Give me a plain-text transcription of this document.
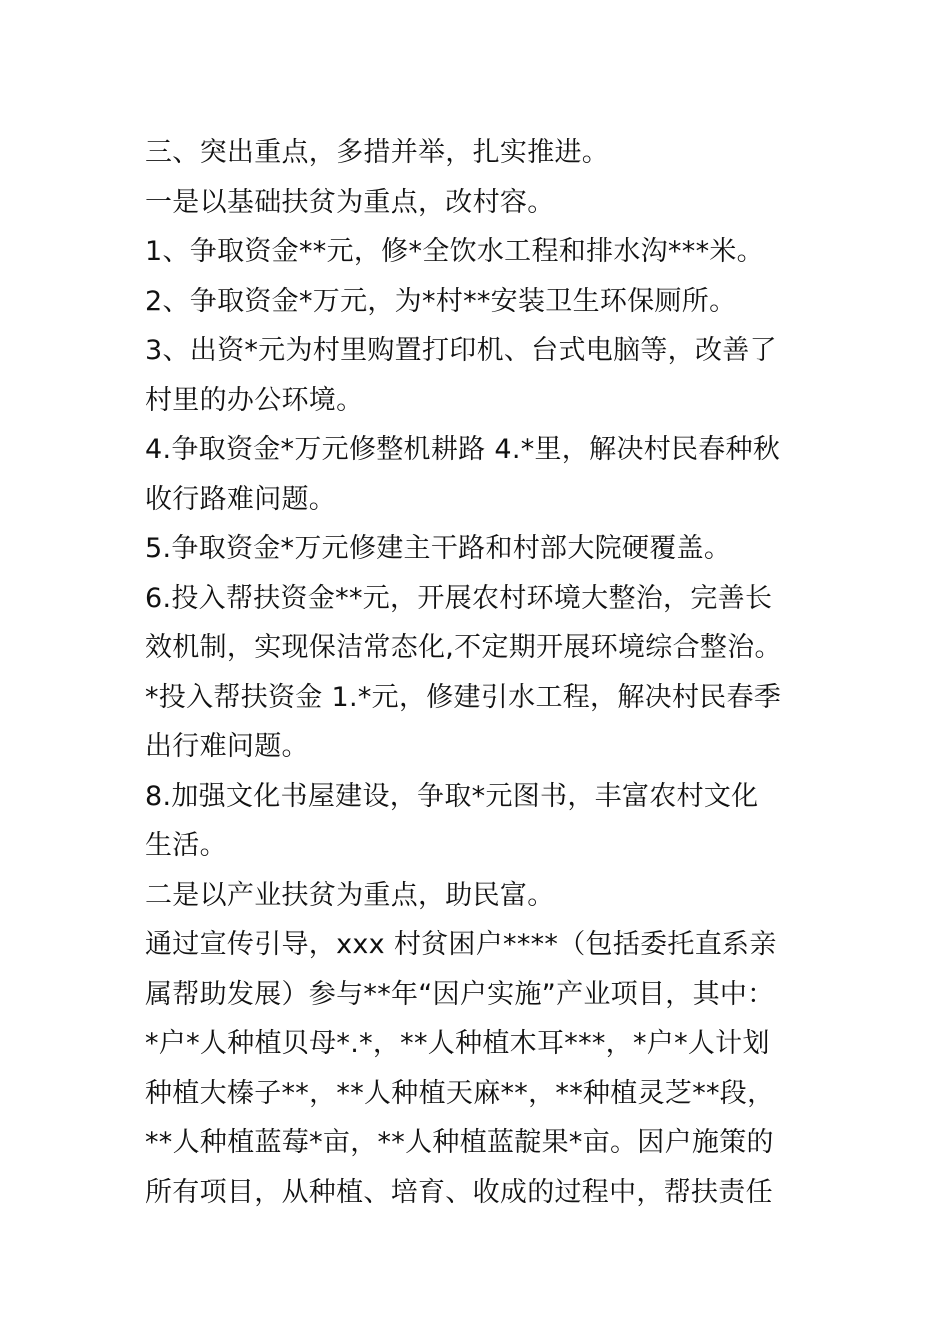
三、突出重点，多措并举，扎实推进。
一是以基础扶贫为重点，改村容。
1、争取资金**元，修*全饮水工程和排水沟***米。
2、争取资金*万元，为*村**安装卫生环保厕所。
3、出资*元为村里购置打印机、台式电脑等，改善了
村里的办公环境。
4.争取资金*万元修整机耕路 4.*里，解决村民春种秋
收行路难问题。
5.争取资金*万元修建主干路和村部大院硬覆盖。
6.投入帮扶资金**元，开展农村环境大整治，完善长
效机制，实现保洁常态化,不定期开展环境综合整治。
*投入帮扶资金 1.*元，修建引水工程，解决村民春季
出行难问题。
8.加强文化书屋建设，争取*元图书，丰富农村文化
生活。
二是以产业扶贫为重点，助民富。
通过宣传引导，xxx 村贫困户****（包括委托直系亲
属帮助发展）参与**年“因户实施”产业项目，其中：
*户*人种植贝母*.*，**人种植木耳***，*户*人计划
种植大榛子**，**人种植天麻**，**种植灵芝**段，
**人种植蓝莓*亩，**人种植蓝靛果*亩。因户施策的
所有项目，从种植、培育、收成的过程中，帮扶责任
